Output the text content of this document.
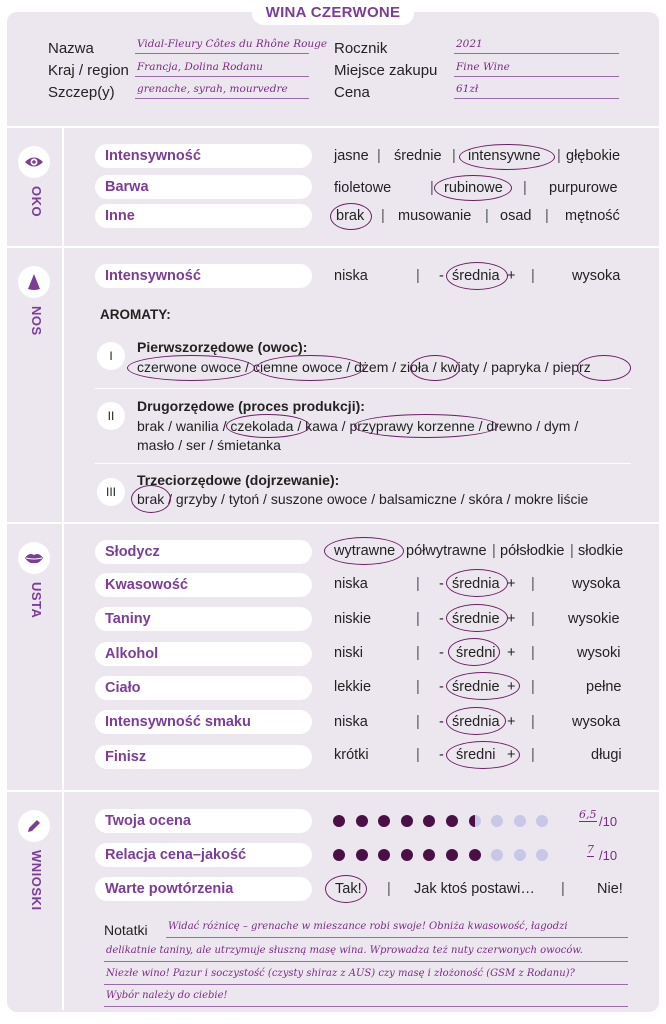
WINA CZERWONE
Nazwa	Vidal-Fleury Côtes du Rhône Rouge
Kraj / region Francja, Dolina Rodanu
Szczep(y) grenache, syrah, mourvedre
Rocznik	2021
Miejsce zakupu Fine Wine
Cena	61zł
OKO
Intensywność	jasne | średnie | intensywne | głębokie
Barwa	fioletowe	| rubinowe | purpurowe
Inne	brak | musowanie | osad | mętność
NOS
Intensywność	niska	| - średnia + |	wysoka
AROMATY:
I
Pierwszorzędowe (owoc):
czerwone owoce / ciemne owoce / dżem / zioła / kwiaty / papryka / pieprz
II
Drugorzędowe (proces produkcji):
brak / wanilia / czekolada / kawa / przyprawy korzenne / drewno / dym /
masło / ser / śmietanka
III
Trzeciorzędowe (dojrzewanie):
brak / grzyby / tytoń / suszone owoce / balsamiczne / skóra / mokre liście
USTA
Słodycz	wytrawne półwytrawne | półsłodkie | słodkie
Kwasowość	niska	| - średnia + |	wysoka
Taniny	niskie	| - średnie + | wysokie
Alkohol	niski	| - średni + |	wysoki
Ciało	lekkie	| - średnie + |	pełne
Intensywność smaku	niska	| - średnia + |	wysoka
Finisz	krótki	| - średni + |	długi
WNIOSKI
Twoja ocena	6,5 /10
Relacja cena–jakość	7 /10
Warte powtórzenia	Tak! | Jak ktoś postawi… | Nie!
Notatki Widać różnicę – grenache w mieszance robi swoje! Obniża kwasowość, łagodzi
delikatnie taniny, ale utrzymuje słuszną masę wina. Wprowadza też nuty czerwonych owoców.
Niezłe wino! Pazur i soczystość (czysty shiraz z AUS) czy masę i złożoność (GSM z Rodanu)?
Wybór należy do ciebie!
